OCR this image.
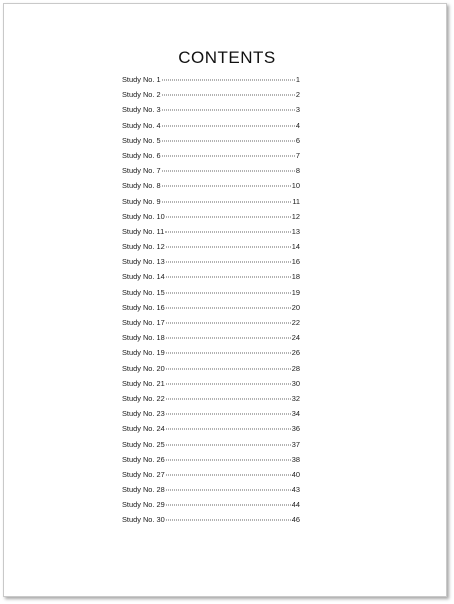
CONTENTS
Study No. 1	1
Study No. 2	2
Study No. 3	3
Study No. 4	4
Study No. 5	6
Study No. 6	7
Study No. 7	8
Study No. 8	10
Study No. 9	11
Study No. 10	12
Study No. 11	13
Study No. 12	14
Study No. 13	16
Study No. 14	18
Study No. 15	19
Study No. 16	20
Study No. 17	22
Study No. 18	24
Study No. 19	26
Study No. 20	28
Study No. 21	30
Study No. 22	32
Study No. 23	34
Study No. 24	36
Study No. 25	37
Study No. 26	38
Study No. 27	40
Study No. 28	43
Study No. 29	44
Study No. 30	46
